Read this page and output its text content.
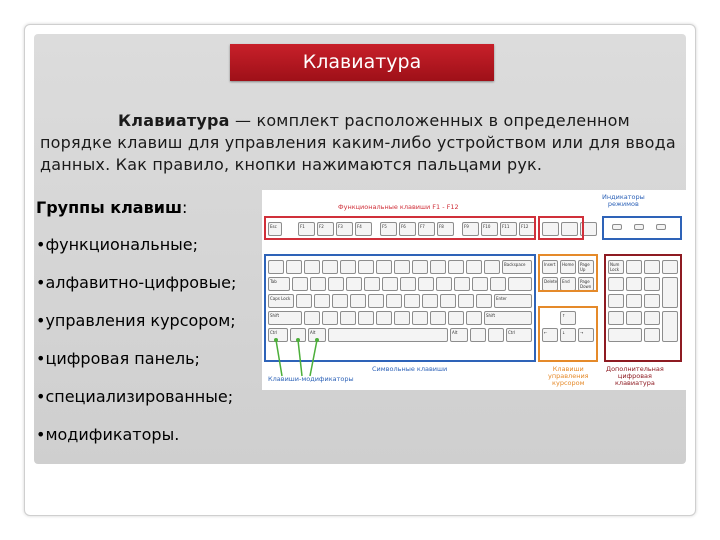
Клавиатура
Клавиатура — комплект расположенных в определенном порядке клавиш для управления каким-либо устройством или для ввода данных. Как правило, кнопки нажимаются пальцами рук.
Группы клавиш:
•функциональные;
•алфавитно-цифровые;
•управления курсором;
•цифровая панель;
•специализированные;
•модификаторы.
Esc	F1	F2	F3	F4	F5	F6	F7	F8	F9	F10	F11	F12
Backspace
Tab
Caps Lock	Enter
Shift	Shift
Ctrl	Alt	Alt	Ctrl
Insert	Home	Page Up
Delete	End	Page Down
↑
←	↓	→
Num Lock
Функциональные клавиши F1 - F12
Индикаторы
режимов
Символьные клавиши
Клавиши-модификаторы
Клавиши
управления
курсором
Дополнительная
цифровая
клавиатура
